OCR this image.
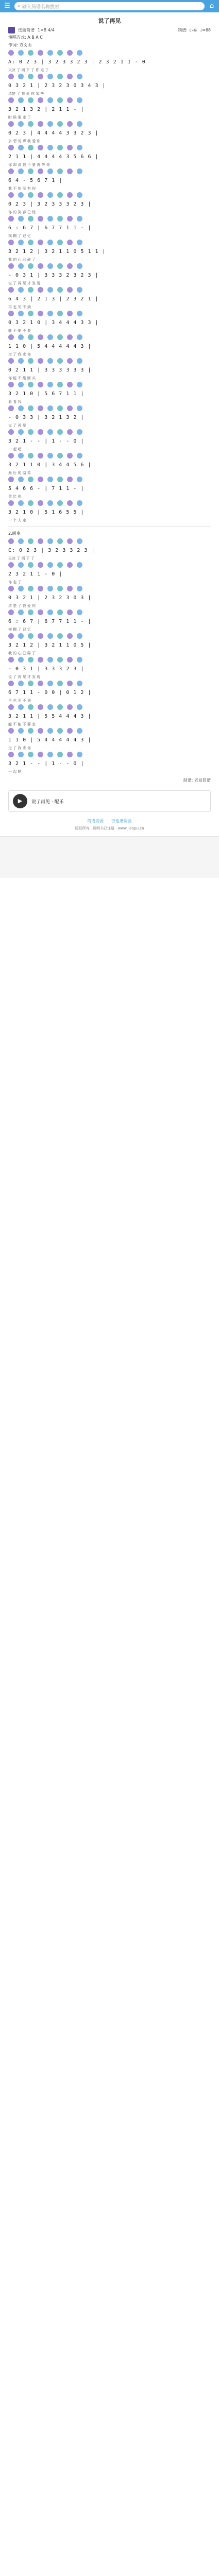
☰ ⌕ 输入简谱名称搜索	⌂
说了再见
选曲简谱 1=B 4/4	制谱: 小易 ♩=68
演唱方式: A B A C
作词: 方文山
A: 0 2 3 | 3 2 3 3 2 3 | 2 3 2 1 1 - 0
天凉 了 雨 下 了 你 走 了
0 3 2 1 | 2 3 2 3 0 3 4 3 |
清楚 了 我 爱 你 某 些
3 2 1 3 2 | 2 1 1 - |
时 候 要 走 了
0 2 3 | 4 4 4 4 3 3 2 3 |
多 想 说 声 我 爱 你
2 1 1 | 4 4 4 4 3 5 6 6 |
你 却 说 我 不 要 再 等 你
6 4 - 5 6 7 1 |
我 不 怕 没 有 你
0 2 3 | 3 2 3 3 3 2 3 |
你 的 笑 容 已 经
6 : 6 7 | 6 7 7 1 1 - |
模 糊 了 记 忆
3 2 1 2 | 3 2 1 1 0 5 1 1 |
我 的 心 已 碎 了
- 0 3 1 | 3 3 3 2 3 2 3 |
说 了 再 见 才 发 现
6 4 3 | 2 1 3 | 2 3 2 1 |
再 也 见 不 到
0 3 2 1 0 | 3 4 4 4 3 3 |
能 不 能 不 要
1 1 0 | 5 4 4 4 4 4 3 |
走 了 我 求 你
0 2 1 1 | 3 3 3 3 3 3 |
你 能 不 能 回 头
3 2 1 0 | 5 6 7 1 1 |
看 看 我
- 0 3 3 | 3 2 1 3 2 |
说 了 再 见
3 2 1 - - | 1 - - 0 |
一 起 吧
3 2 1 1 0 | 3 4 4 5 6 |
最 后 的 温 柔
5 4 6 6 - | 7 1 1 - |
留 给 你
3 2 1 0 | 5 1 6 5 5 |
一 个 人 走
2.间奏
C: 0 2 3 | 3 2 3 3 2 3 |
天凉 了 雨 下 了
2 3 2 1 1 - 0 |
你 走 了
0 3 2 1 | 2 3 2 3 0 3 |
清 楚 了 我 爱 你
6 : 6 7 | 6 7 7 1 1 - |
模 糊 了 记 忆
3 2 1 2 | 3 2 1 1 0 5 |
我 的 心 已 碎 了
- 0 3 1 | 3 3 3 2 3 |
说 了 再 见 才 发 现
6 7 1 1 - 0 0 | 0 1 2 |
再 也 见 不 到
3 2 1 1 | 5 5 4 4 4 3 |
能 不 能 不 要 走
1 1 0 | 5 4 4 4 4 4 3 |
走 了 我 求 你
3 2 1 - - | 1 - - 0 |
一 起 吧
制谱: 老鼠简谱
▶	说了再见 · 配乐
简谱资源 吉他谱资源
版权所有 · 说明书已注册 · www.jianpu.cn
